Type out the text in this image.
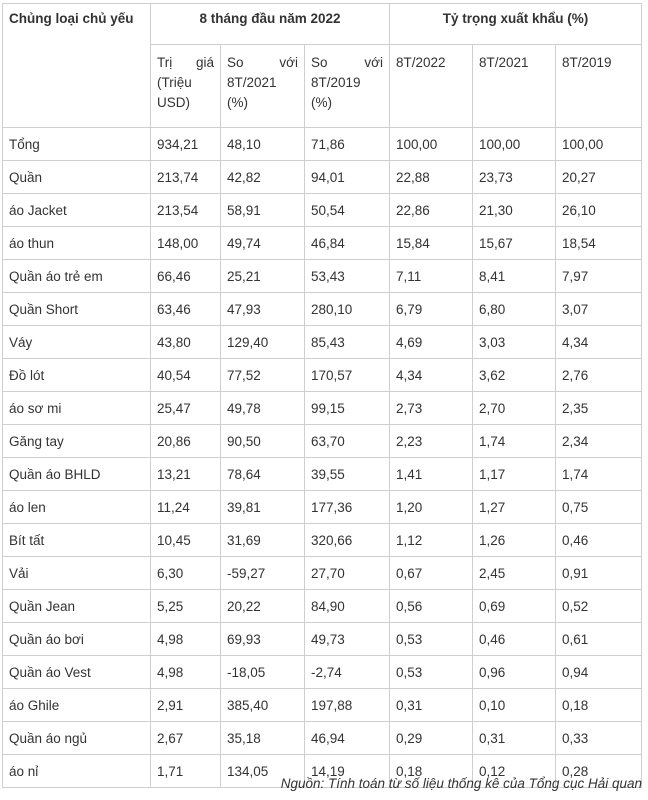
Chủng loại chủ yếu	8 tháng đầu năm 2022			Tỷ trọng xuất khẩu (%)		

	Trị giá
(Triệu
USD)	So với
8T/2021
(%)	So với
8T/2019
(%)	8T/2022	8T/2021	8T/2019
Tổng	934,21	48,10	71,86	100,00	100,00	100,00
Quần	213,74	42,82	94,01	22,88	23,73	20,27
áo Jacket	213,54	58,91	50,54	22,86	21,30	26,10
áo thun	148,00	49,74	46,84	15,84	15,67	18,54
Quần áo trẻ em	66,46	25,21	53,43	7,11	8,41	7,97
Quần Short	63,46	47,93	280,10	6,79	6,80	3,07
Váy	43,80	129,40	85,43	4,69	3,03	4,34
Đồ lót	40,54	77,52	170,57	4,34	3,62	2,76
áo sơ mi	25,47	49,78	99,15	2,73	2,70	2,35
Găng tay	20,86	90,50	63,70	2,23	1,74	2,34
Quần áo BHLD	13,21	78,64	39,55	1,41	1,17	1,74
áo len	11,24	39,81	177,36	1,20	1,27	0,75
Bít tất	10,45	31,69	320,66	1,12	1,26	0,46
Vải	6,30	-59,27	27,70	0,67	2,45	0,91
Quần Jean	5,25	20,22	84,90	0,56	0,69	0,52
Quần áo bơi	4,98	69,93	49,73	0,53	0,46	0,61
Quần áo Vest	4,98	-18,05	-2,74	0,53	0,96	0,94
áo Ghile	2,91	385,40	197,88	0,31	0,10	0,18
Quần áo ngủ	2,67	35,18	46,94	0,29	0,31	0,33
áo nỉ	1,71	134,05	14,19	0,18	0,12	0,28
Nguồn: Tính toán từ số liệu thống kê của Tổng cục Hải quan
